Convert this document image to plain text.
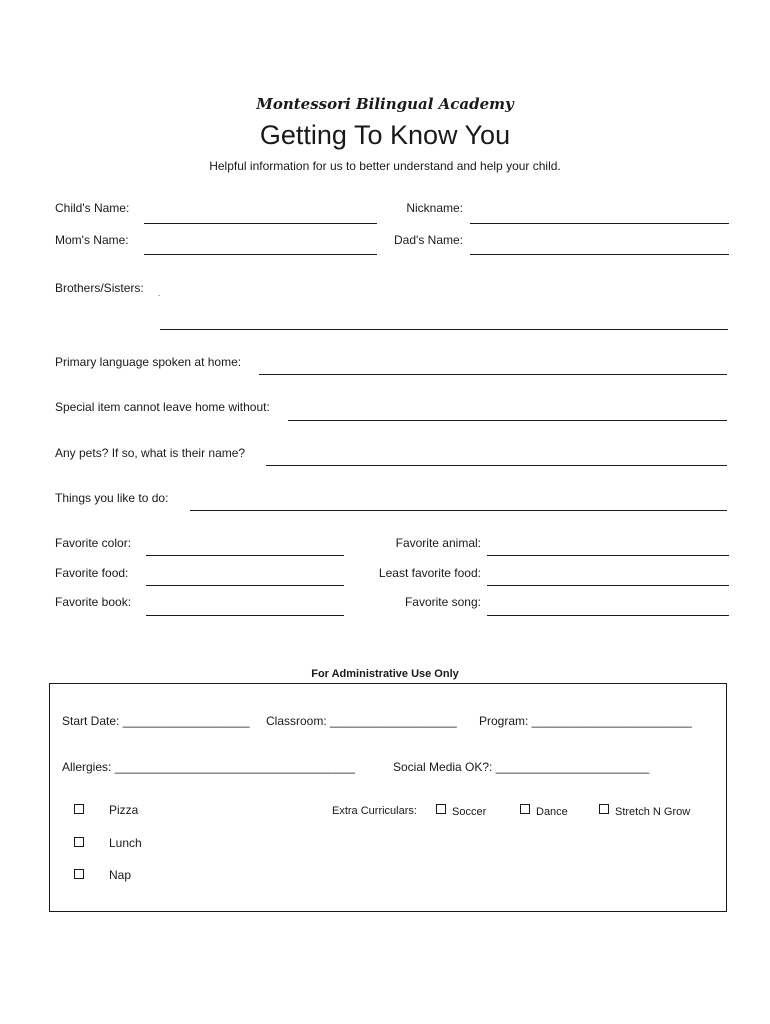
Montessori Bilingual Academy
Getting To Know You
Helpful information for us to better understand and help your child.
Child's Name:	Nickname:
Mom's Name:	Dad's Name:
Brothers/Sisters: .
Primary language spoken at home:
Special item cannot leave home without:
Any pets? If so, what is their name?
Things you like to do:
Favorite color:	Favorite animal:
Favorite food:	Least favorite food:
Favorite book:	Favorite song:
For Administrative Use Only
Start Date: ___________________ Classroom: ___________________ Program: ________________________
Allergies: ____________________________________	Social Media OK?: _______________________
Pizza
Lunch
Nap
Extra Curriculars:	Soccer	Dance	Stretch N Grow
